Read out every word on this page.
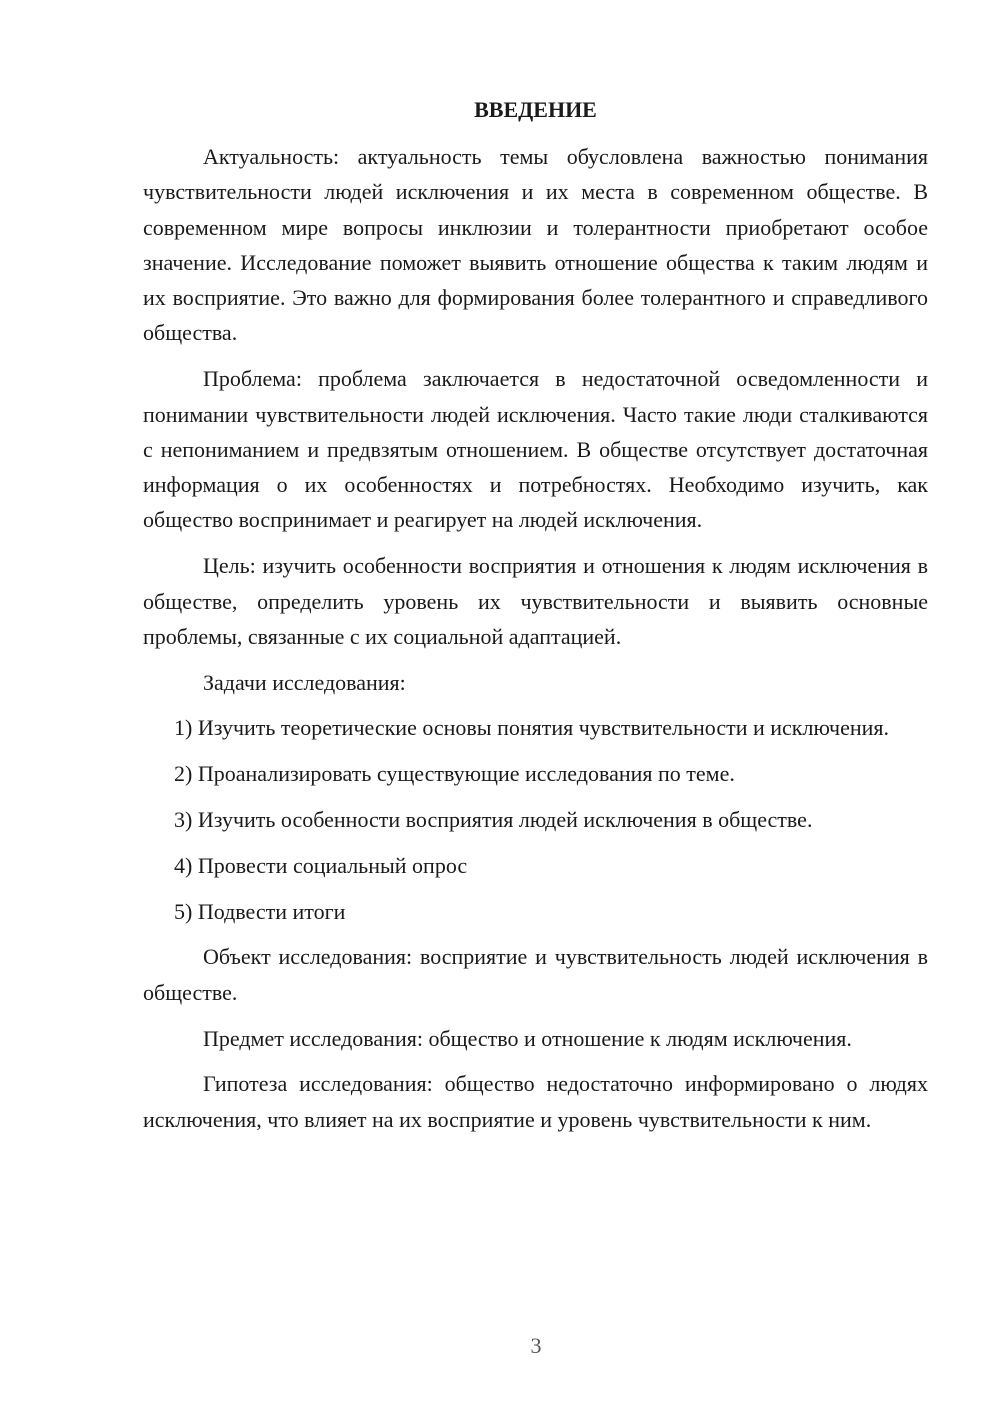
ВВЕДЕНИЕ

Актуальность: актуальность темы обусловлена важностью понимания чувствительности людей исключения и их места в современном обществе. В современном мире вопросы инклюзии и толерантности приобретают особое значение. Исследование поможет выявить отношение общества к таким людям и их восприятие. Это важно для формирования более толерантного и справедливого общества.

Проблема: проблема заключается в недостаточной осведомленности и понимании чувствительности людей исключения. Часто такие люди сталкиваются с непониманием и предвзятым отношением. В обществе отсутствует достаточная информация о их особенностях и потребностях. Необходимо изучить, как общество воспринимает и реагирует на людей исключения.

Цель: изучить особенности восприятия и отношения к людям исключения в обществе, определить уровень их чувствительности и выявить основные проблемы, связанные с их социальной адаптацией.

Задачи исследования:

1) Изучить теоретические основы понятия чувствительности и исключения.

2) Проанализировать существующие исследования по теме.

3) Изучить особенности восприятия людей исключения в обществе.

4) Провести социальный опрос

5) Подвести итоги

Объект исследования: восприятие и чувствительность людей исключения в обществе.

Предмет исследования: общество и отношение к людям исключения.

Гипотеза исследования: общество недостаточно информировано о людях исключения, что влияет на их восприятие и уровень чувствительности к ним.

3
